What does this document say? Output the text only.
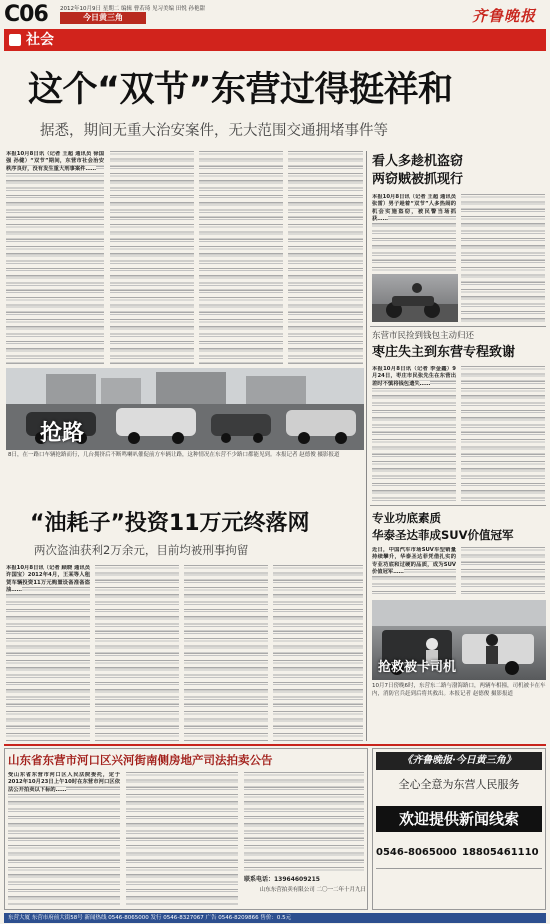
C06 2012年10月9日 星期二 编辑 曹若琦 见习美编 田悦 孙艳甜
今日黄三角
社会
齐鲁晚报
这个“双节”东营过得挺祥和
据悉，期间无重大治安案件，无大范围交通拥堵事件等
本报10月8日讯（记者 王超 通讯员 徐国强 孙健）“双节”期间，东营市社会治安秩序良好，没有发生重大刑事案件……
抢路
8日，在一路口车辆抢路而行，几台拥挤后不断鸣喇叭催促前方车辆让路，这种情况在东营不少路口都能见到。本报记者 赵德俊 摄影报道
“油耗子”投资11万元终落网
两次盗油获利2万余元，目前均被刑事拘留
本报10月8日讯（记者 顾晓 通讯员 许国宝）2012年4月，王某等人租赁车辆投资11万元购置设备准备盗油……
看人多趁机盗窃
两窃贼被抓现行
本报10月8日讯（记者 王超 通讯员 张雷）男子趁着“双节”人多热闹的机会实施盗窃，被民警当场抓获……
东营市民捡到钱包主动归还
枣庄失主到东营专程致谢
本报10月8日讯（记者 李金鑫）9月24日，枣庄市民张先生在东营出差时不慎将钱包遗失……
专业功底素质
华泰圣达菲成SUV价值冠军
近日，中国汽车市场SUV车型销量持续攀升，华泰圣达菲凭借扎实的专业功底和过硬的品质，成为SUV价值冠军……
抢救被卡司机
10月7日傍晚6时，东营东二路与渤海路口，两辆车相撞，司机被卡在车内，消防官兵赶到后将其救出。本报记者 赵德俊 摄影报道
山东省东营市河口区兴河街南侧房地产司法拍卖公告
受山东省东营市河口区人民法院委托，定于2012年10月23日上午10时在东营市河口区依法公开拍卖以下标的……
联系电话：13964609215
山东东营拍卖有限公司 二〇一二年十月九日
《齐鲁晚报·今日黄三角》
全心全意为东营人民服务
欢迎提供新闻线索
0546-8065000 18805461110
东营大厦 东营市府前大街58号 新闻热线 0546-8065000 发行 0546-8327067 广告 0546-8209866 售价：0.5元
